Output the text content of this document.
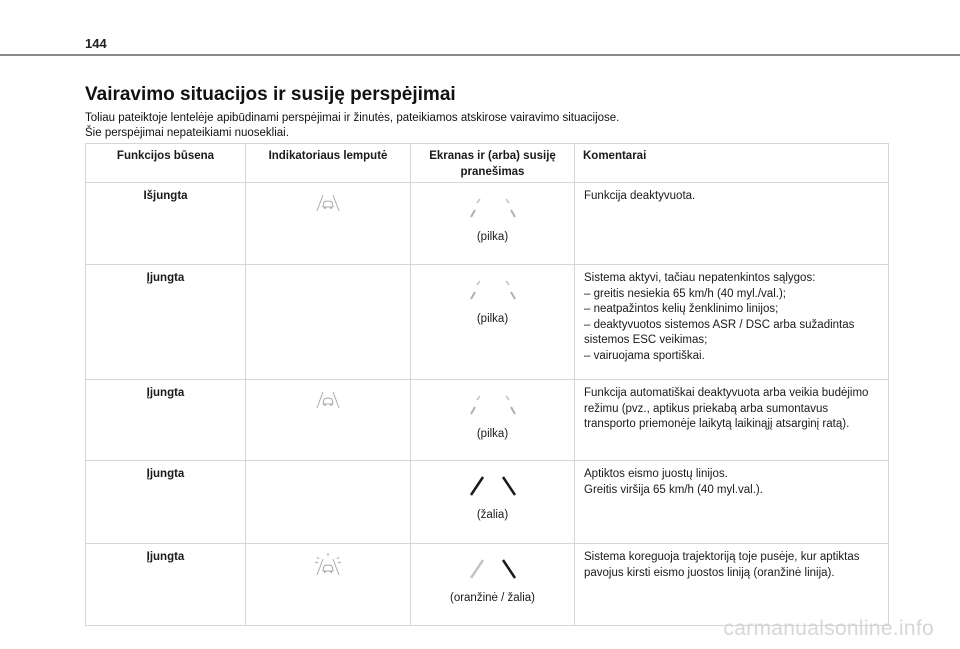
144
Vairavimo situacijos ir susiję perspėjimai
Toliau pateiktoje lentelėje apibūdinami perspėjimai ir žinutės, pateikiamos atskirose vairavimo situacijose.
Šie perspėjimai nepateikiami nuosekliai.
Funkcijos būsena	Indikatoriaus lemputė	Ekranas ir (arba) susiję pranešimas	Komentarai
Išjungta		(pilka)	Funkcija deaktyvuota.

Įjungta		(pilka)	Sistema aktyvi, tačiau nepatenkintos sąlygos:
– greitis nesiekia 65 km/h (40 myl./val.);
– neatpažintos kelių ženklinimo linijos;
– deaktyvuotos sistemos ASR / DSC arba sužadintas sistemos ESC veikimas;
– vairuojama sportiškai.

Įjungta		(pilka)	Funkcija automatiškai deaktyvuota arba veikia budėjimo režimu (pvz., aptikus priekabą arba sumontavus transporto priemonėje laikytą laikinąjį atsarginį ratą).

Įjungta		(žalia)	Aptiktos eismo juostų linijos.
Greitis viršija 65 km/h (40 myl.val.).

Įjungta		(oranžinė / žalia)	Sistema koreguoja trajektoriją toje pusėje, kur aptiktas pavojus kirsti eismo juostos liniją (oranžinė linija).
carmanualsonline.info
